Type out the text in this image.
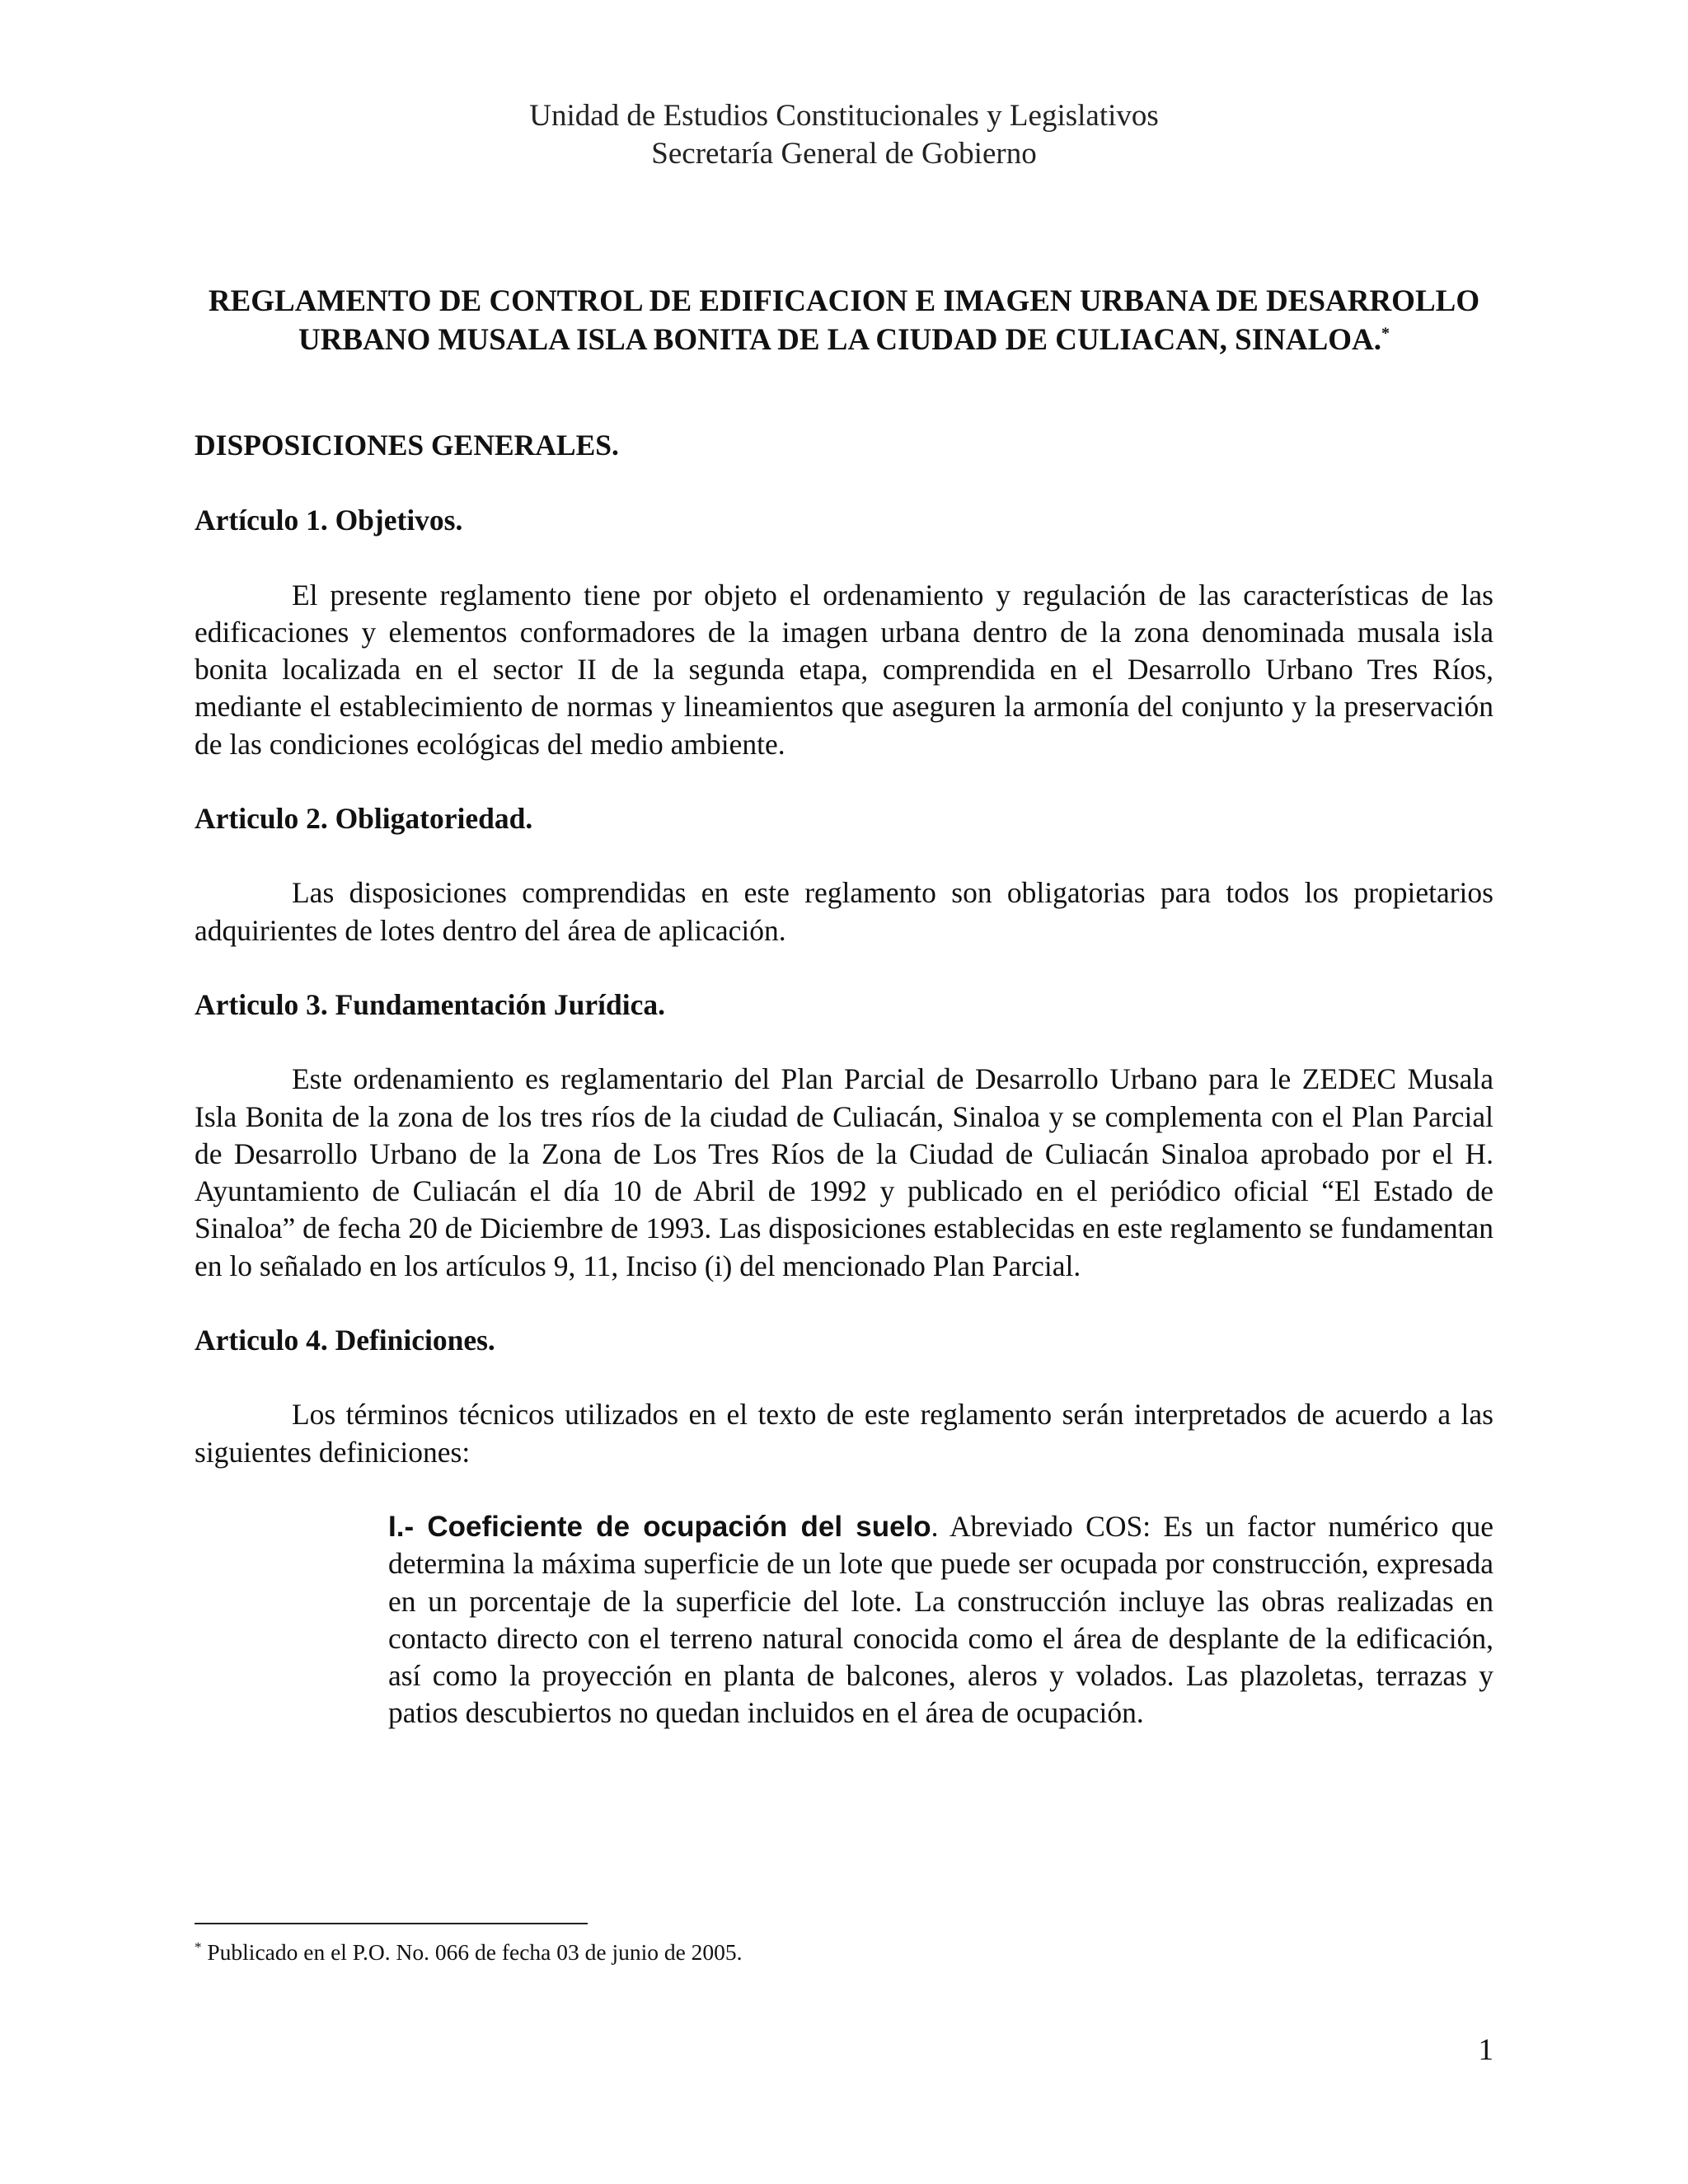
Unidad de Estudios Constitucionales y Legislativos
Secretaría General de Gobierno
REGLAMENTO DE CONTROL DE EDIFICACION E IMAGEN URBANA DE DESARROLLO URBANO MUSALA ISLA BONITA DE LA CIUDAD DE CULIACAN, SINALOA.*
DISPOSICIONES GENERALES.
Artículo 1. Objetivos.
El presente reglamento tiene por objeto el ordenamiento y regulación de las características de las edificaciones y elementos conformadores de la imagen urbana dentro de la zona denominada musala isla bonita localizada en el sector II de la segunda etapa, comprendida en el Desarrollo Urbano Tres Ríos, mediante el establecimiento de normas y lineamientos que aseguren la armonía del conjunto y la preservación de las condiciones ecológicas del medio ambiente.
Articulo 2. Obligatoriedad.
Las disposiciones comprendidas en este reglamento son obligatorias para todos los propietarios adquirientes de lotes dentro del área de aplicación.
Articulo 3. Fundamentación Jurídica.
Este ordenamiento es reglamentario del Plan Parcial de Desarrollo Urbano para le ZEDEC Musala Isla Bonita de la zona de los tres ríos de la ciudad de Culiacán, Sinaloa y se complementa con el Plan Parcial de Desarrollo Urbano de la Zona de Los Tres Ríos de la Ciudad de Culiacán Sinaloa aprobado por el H. Ayuntamiento de Culiacán el día 10 de Abril de 1992 y publicado en el periódico oficial “El Estado de Sinaloa” de fecha 20 de Diciembre de 1993. Las disposiciones establecidas en este reglamento se fundamentan en lo señalado en los artículos 9, 11, Inciso (i) del mencionado Plan Parcial.
Articulo 4. Definiciones.
Los términos técnicos utilizados en el texto de este reglamento serán interpretados de acuerdo a las siguientes definiciones:
I.- Coeficiente de ocupación del suelo. Abreviado COS: Es un factor numérico que determina la máxima superficie de un lote que puede ser ocupada por construcción, expresada en un porcentaje de la superficie del lote. La construcción incluye las obras realizadas en contacto directo con el terreno natural conocida como el área de desplante de la edificación, así como la proyección en planta de balcones, aleros y volados. Las plazoletas, terrazas y patios descubiertos no quedan incluidos en el área de ocupación.
* Publicado en el P.O. No. 066 de fecha 03 de junio de 2005.
1
